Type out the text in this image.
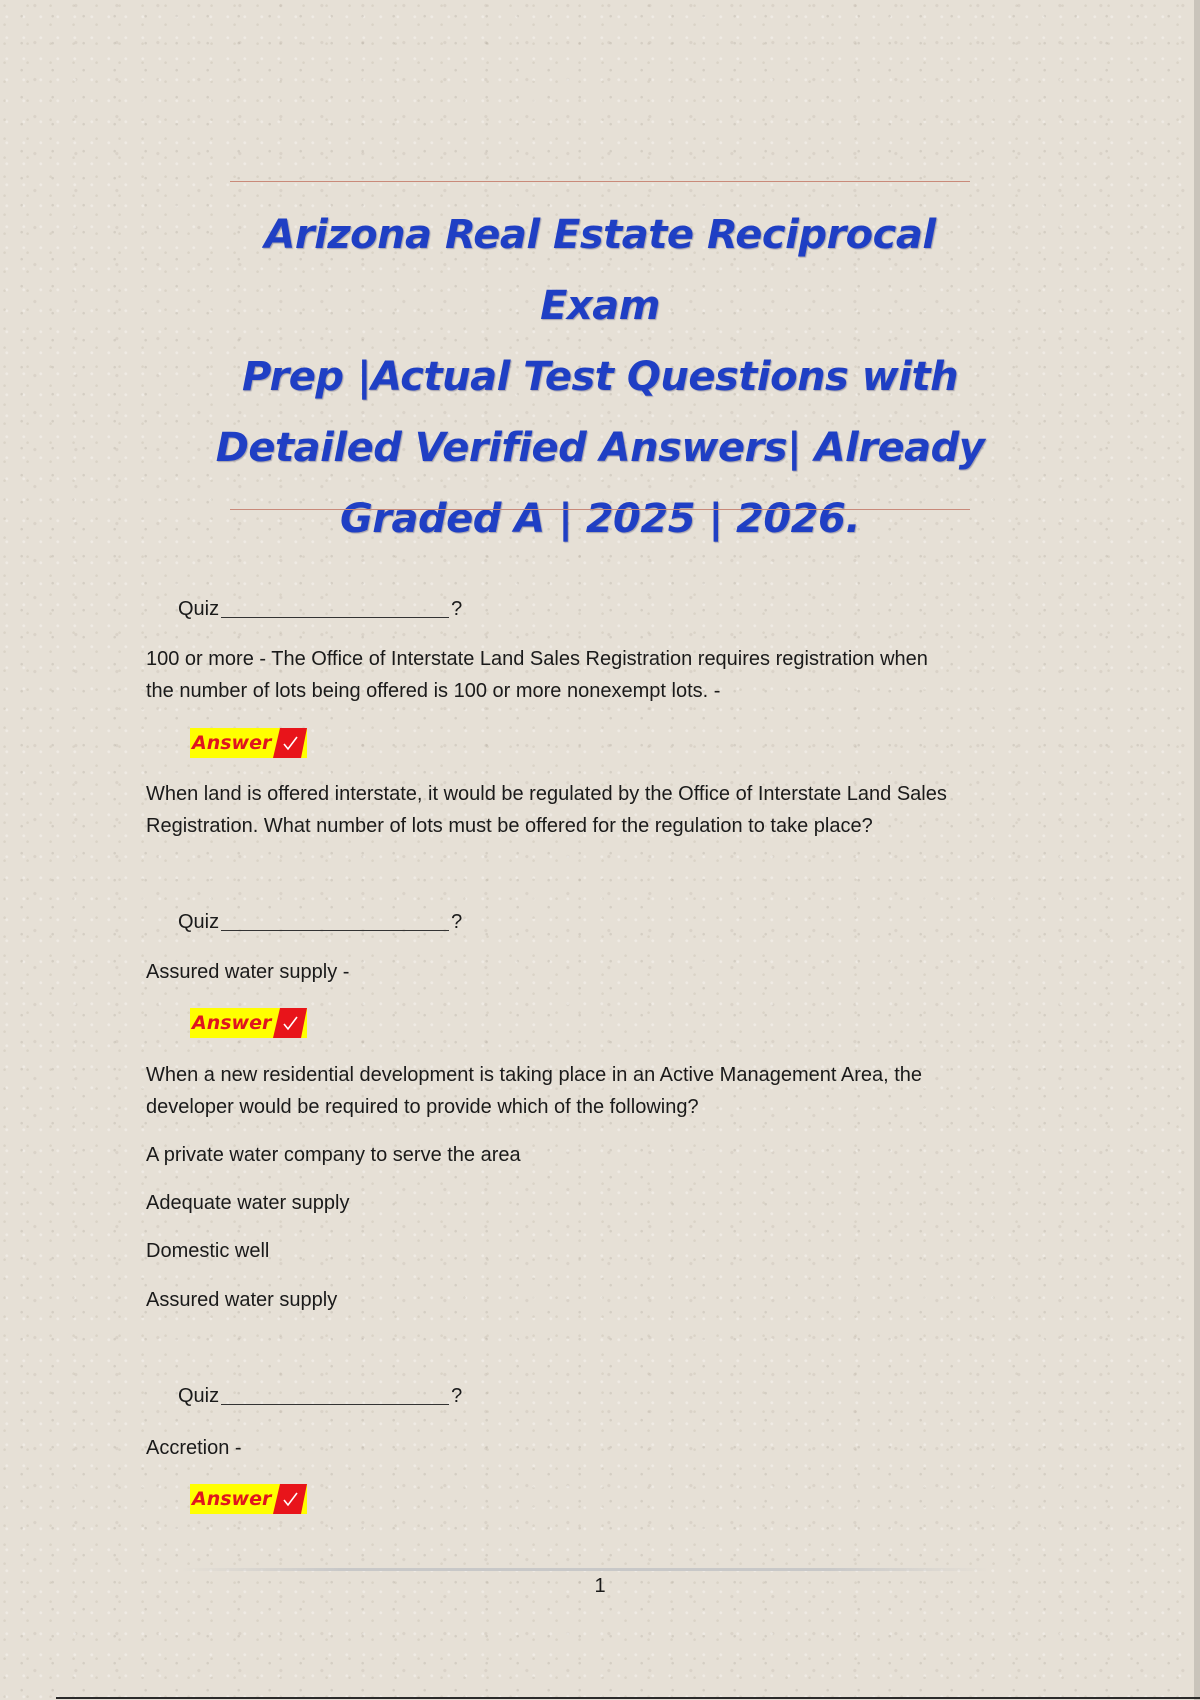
Arizona Real Estate Reciprocal Exam
Prep |Actual Test Questions with
Detailed Verified Answers| Already
Graded A | 2025 | 2026.
Quiz	?

100 or more - The Office of Interstate Land Sales Registration requires registration when
the number of lots being offered is 100 or more nonexempt lots. -

Answer

When land is offered interstate, it would be regulated by the Office of Interstate Land Sales
Registration. What number of lots must be offered for the regulation to take place?

Quiz	?

Assured water supply -

Answer

When a new residential development is taking place in an Active Management Area, the
developer would be required to provide which of the following?

A private water company to serve the area

Adequate water supply

Domestic well

Assured water supply

Quiz	?

Accretion -

Answer
1
